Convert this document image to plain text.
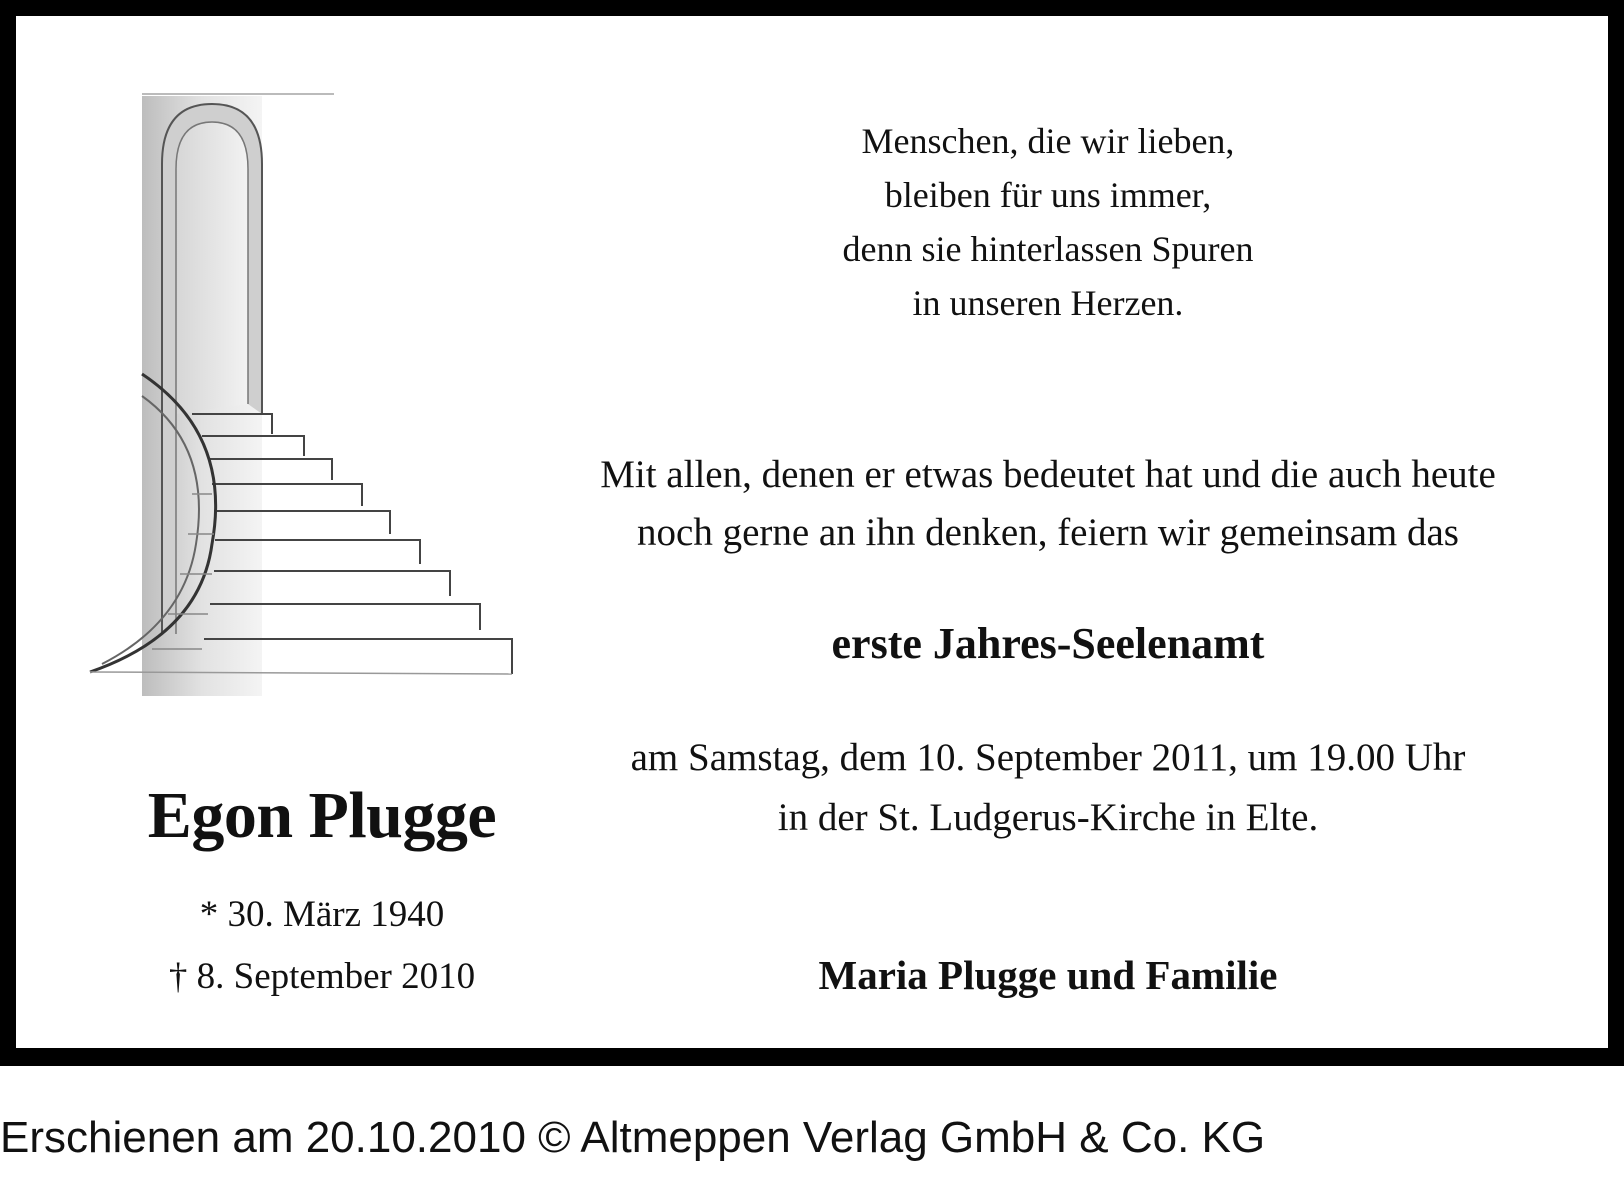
Menschen, die wir lieben,
bleiben für uns immer,
denn sie hinterlassen Spuren
in unseren Herzen.
Mit allen, denen er etwas bedeutet hat und die auch heute
noch gerne an ihn denken, feiern wir gemeinsam das
erste Jahres-Seelenamt
am Samstag, dem 10. September 2011, um 19.00 Uhr
in der St. Ludgerus-Kirche in Elte.
Maria Plugge und Familie
Egon Plugge
* 30. März 1940
† 8. September 2010
Erschienen am 20.10.2010 © Altmeppen Verlag GmbH & Co. KG
